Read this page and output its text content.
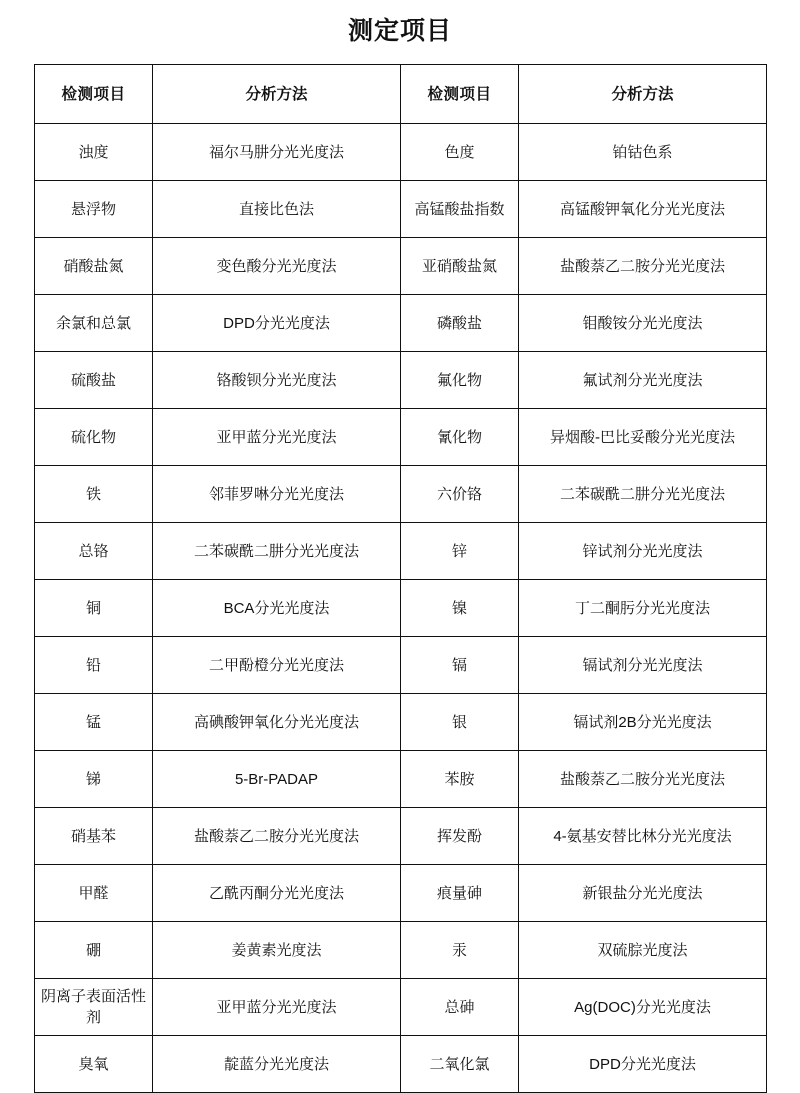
测定项目
检测项目	分析方法	检测项目	分析方法
浊度	福尔马肼分光光度法	色度	铂钴色系
悬浮物	直接比色法	高锰酸盐指数	高锰酸钾氧化分光光度法
硝酸盐氮	变色酸分光光度法	亚硝酸盐氮	盐酸萘乙二胺分光光度法
余氯和总氯	DPD分光光度法	磷酸盐	钼酸铵分光光度法
硫酸盐	铬酸钡分光光度法	氟化物	氟试剂分光光度法
硫化物	亚甲蓝分光光度法	氰化物	异烟酸-巴比妥酸分光光度法
铁	邻菲罗啉分光光度法	六价铬	二苯碳酰二肼分光光度法
总铬	二苯碳酰二肼分光光度法	锌	锌试剂分光光度法
铜	BCA分光光度法	镍	丁二酮肟分光光度法
铅	二甲酚橙分光光度法	镉	镉试剂分光光度法
锰	高碘酸钾氧化分光光度法	银	镉试剂2B分光光度法
锑	5-Br-PADAP	苯胺	盐酸萘乙二胺分光光度法
硝基苯	盐酸萘乙二胺分光光度法	挥发酚	4-氨基安替比林分光光度法
甲醛	乙酰丙酮分光光度法	痕量砷	新银盐分光光度法
硼	姜黄素光度法	汞	双硫腙光度法
阴离子表面活性剂	亚甲蓝分光光度法	总砷	Ag(DOC)分光光度法
臭氧	靛蓝分光光度法	二氧化氯	DPD分光光度法
